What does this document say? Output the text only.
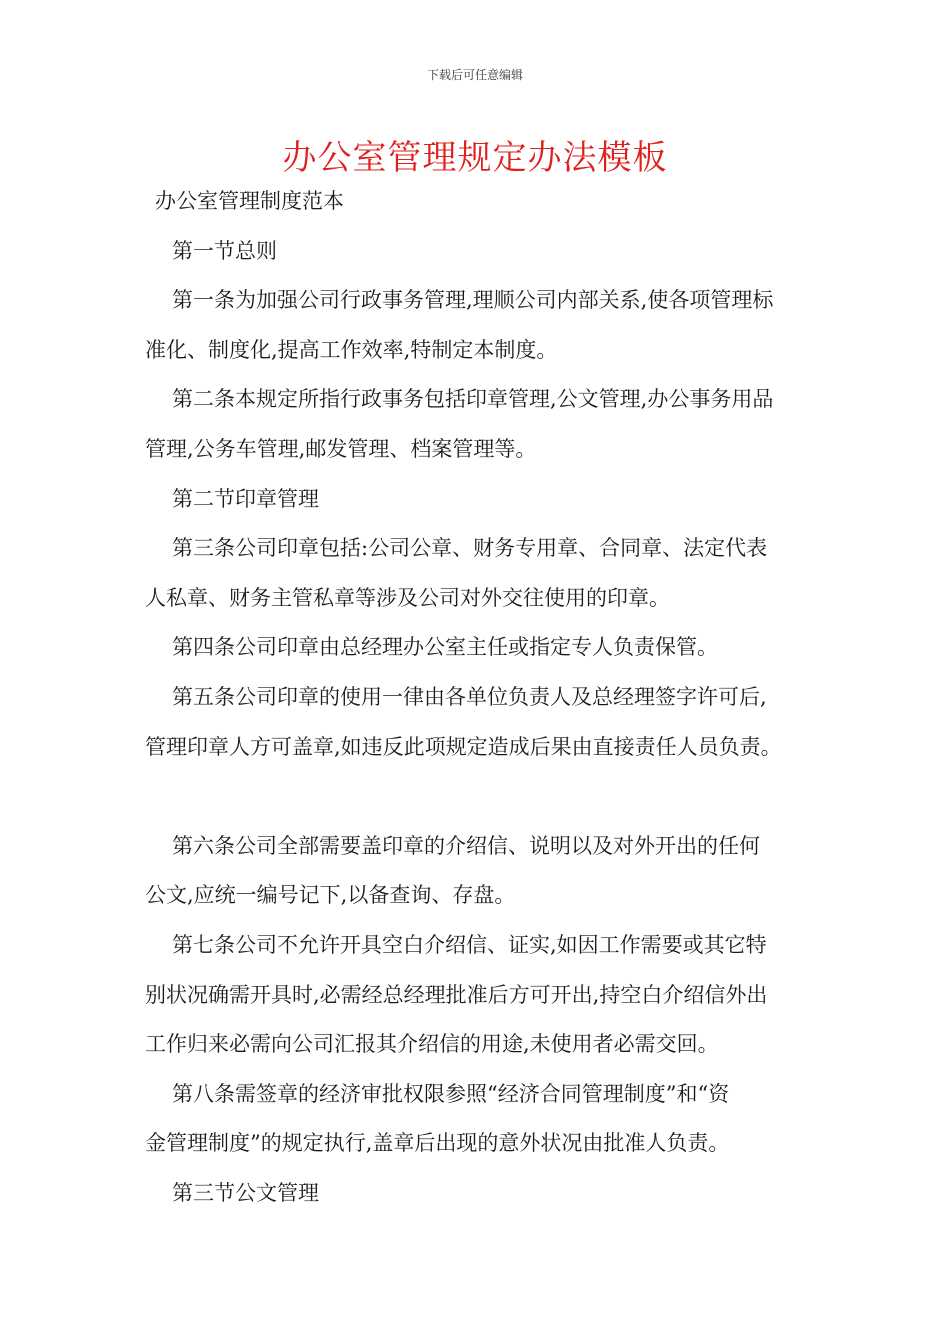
下载后可任意编辑
办公室管理规定办法模板
办公室管理制度范本
第一节总则
第一条为加强公司行政事务管理,理顺公司内部关系,使各项管理标
准化、制度化,提高工作效率,特制定本制度。
第二条本规定所指行政事务包括印章管理,公文管理,办公事务用品
管理,公务车管理,邮发管理、档案管理等。
第二节印章管理
第三条公司印章包括:公司公章、财务专用章、合同章、法定代表
人私章、财务主管私章等涉及公司对外交往使用的印章。
第四条公司印章由总经理办公室主任或指定专人负责保管。
第五条公司印章的使用一律由各单位负责人及总经理签字许可后,
管理印章人方可盖章,如违反此项规定造成后果由直接责任人员负责。
第六条公司全部需要盖印章的介绍信、说明以及对外开出的任何
公文,应统一编号记下,以备查询、存盘。
第七条公司不允许开具空白介绍信、证实,如因工作需要或其它特
别状况确需开具时,必需经总经理批准后方可开出,持空白介绍信外出
工作归来必需向公司汇报其介绍信的用途,未使用者必需交回。
第八条需签章的经济审批权限参照“经济合同管理制度”和“资
金管理制度”的规定执行,盖章后出现的意外状况由批准人负责。
第三节公文管理
